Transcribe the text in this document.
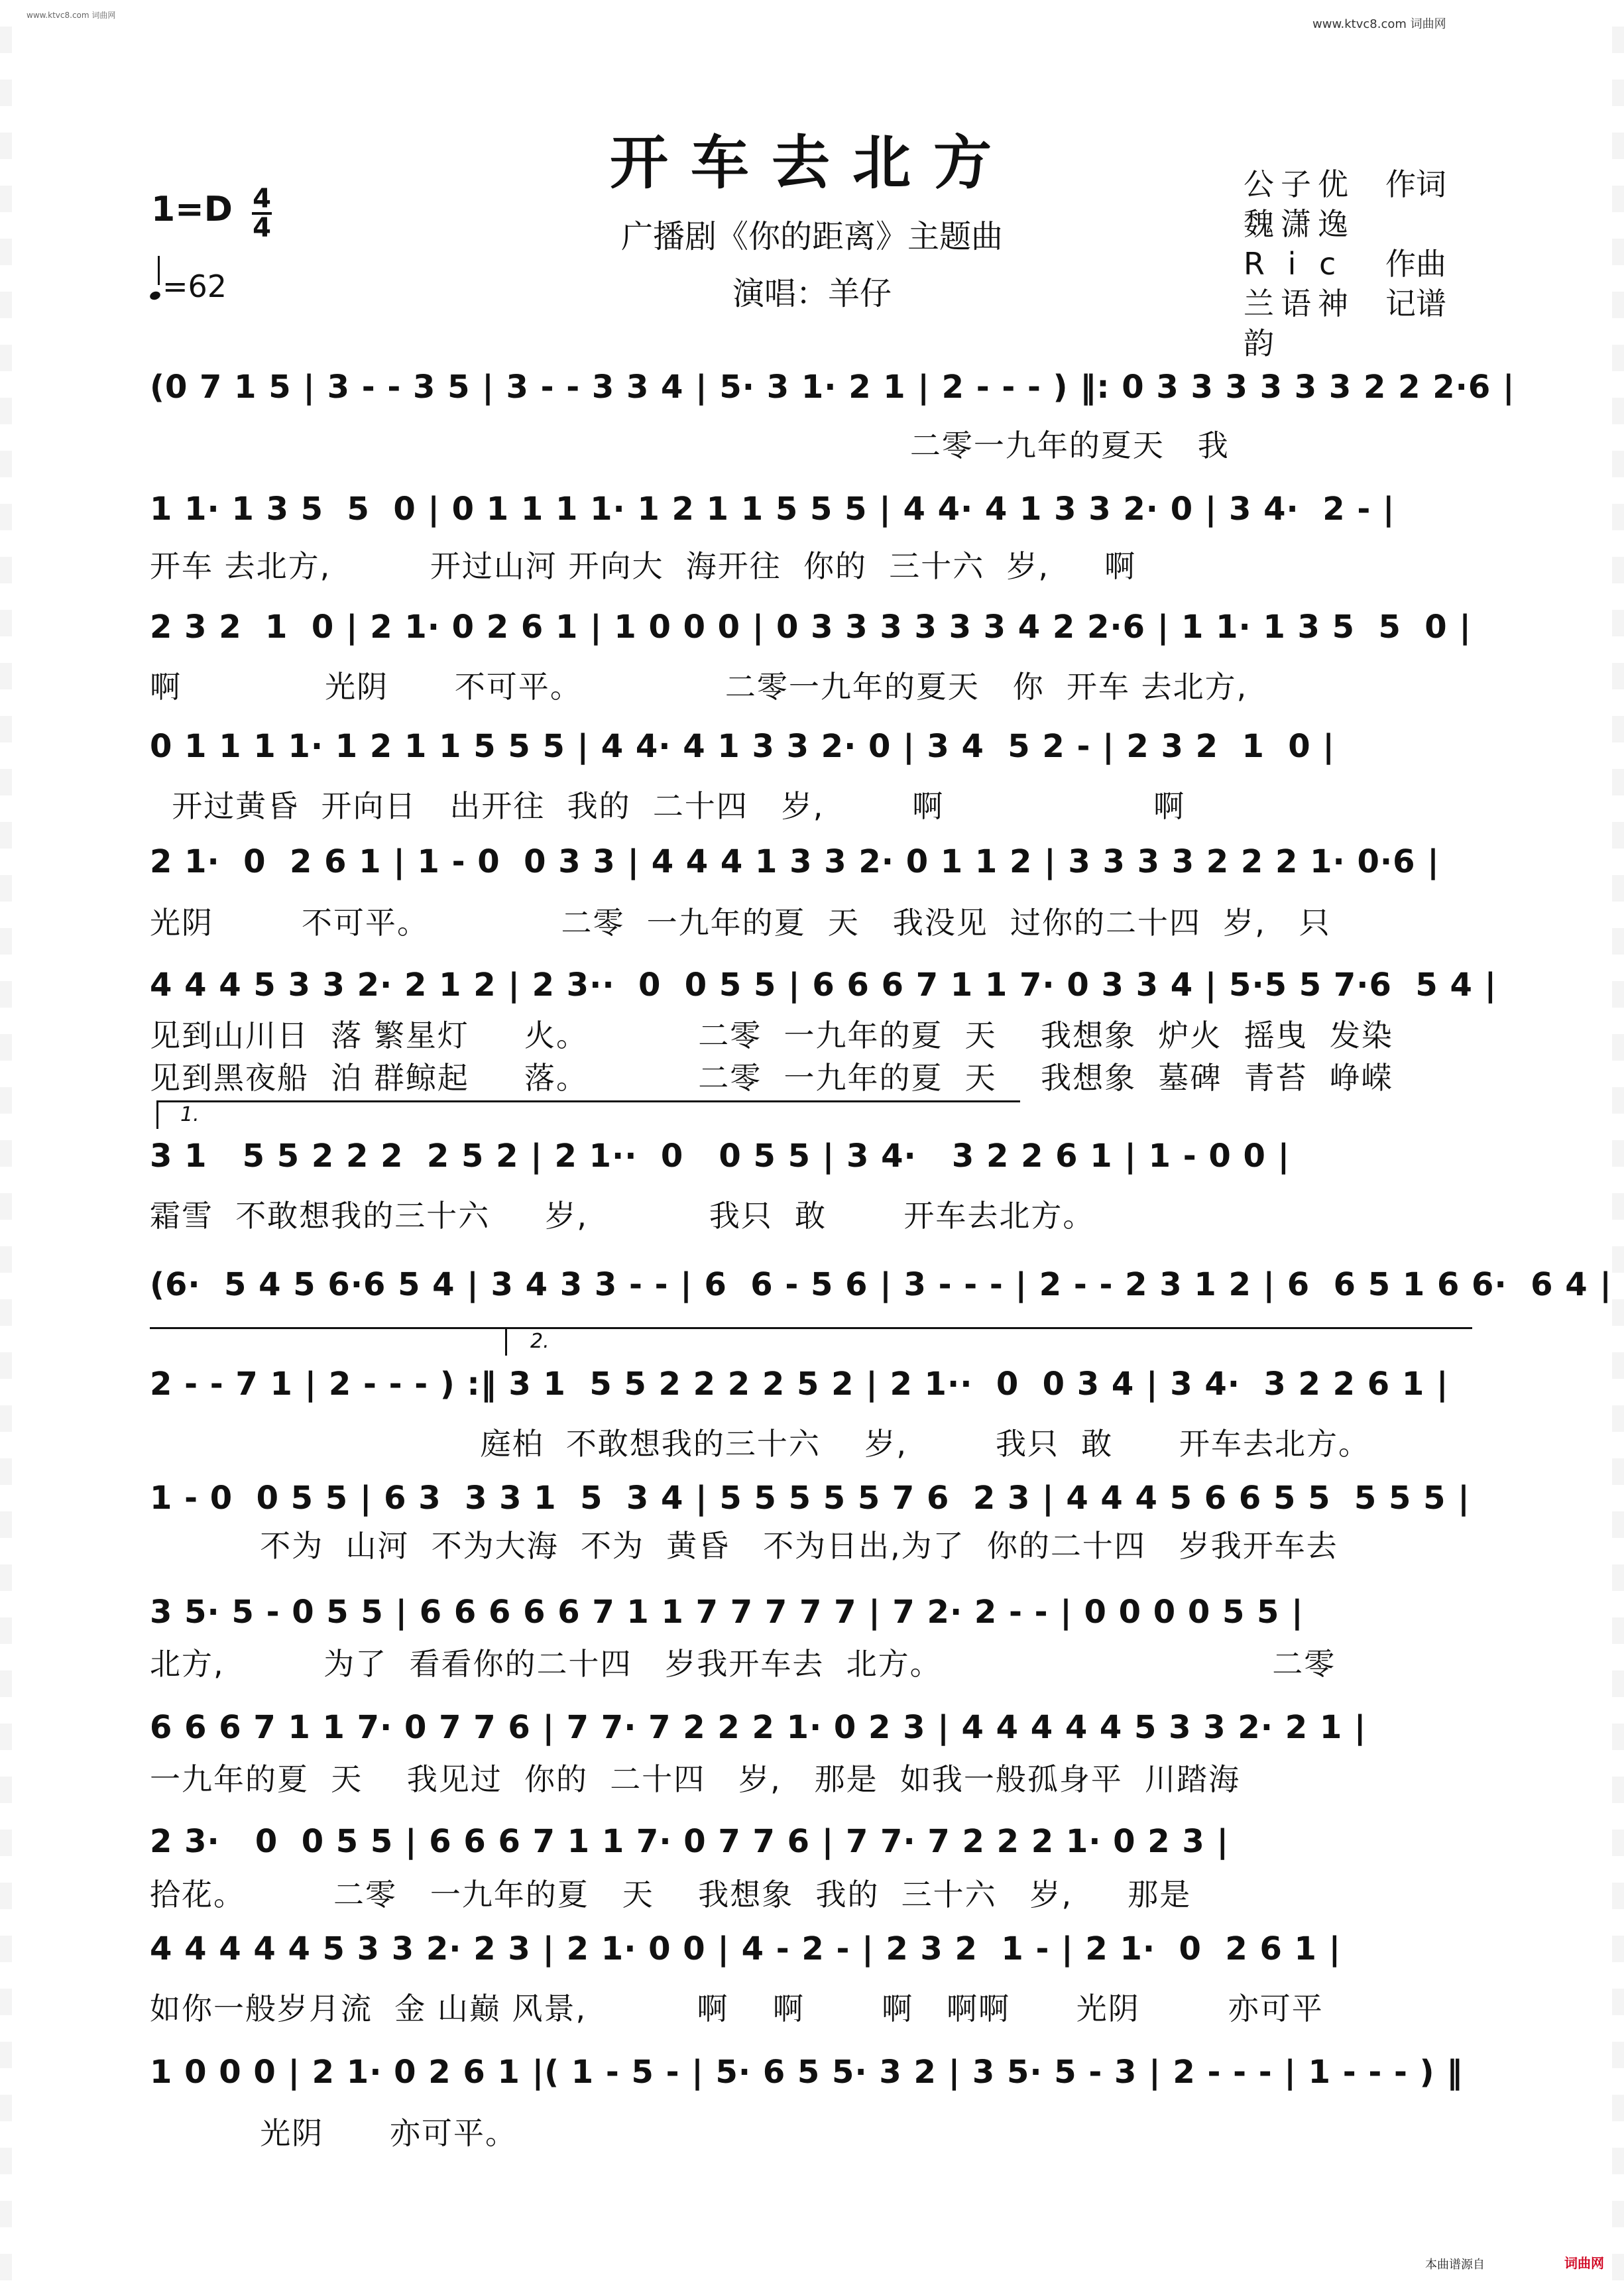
www.ktvc8.com 词曲网
www.ktvc8.com 词曲网
开车去北方
广播剧《你的距离》主题曲
演唱：羊仔
1=D 4
4
=62
公子优	作词
魏潇逸
R i c	作曲
兰语神韵
记谱
(0 7 1 5 | 3 - - 3 5 | 3 - - 3 3 4 | 5· 3 1· 2 1 | 2 - - - ) ‖: 0 3 3 3 3 3 3 2 2 2·6 |
二零一九年的夏天   我
1 1· 1 3 5  5  0 | 0 1 1 1 1· 1 2 1 1 5 5 5 | 4 4· 4 1 3 3 2· 0 | 3 4·  2 - |
开车 去北方,         开过山河 开向大  海开往  你的  三十六  岁,     啊
2 3 2  1  0 | 2 1· 0 2 6 1 | 1 0 0 0 | 0 3 3 3 3 3 3 4 2 2·6 | 1 1· 1 3 5  5  0 |
啊             光阴      不可平。             二零一九年的夏天   你  开车 去北方,
0 1 1 1 1· 1 2 1 1 5 5 5 | 4 4· 4 1 3 3 2· 0 | 3 4  5 2 - | 2 3 2  1  0 |
开过黄昏  开向日   出开往  我的  二十四   岁,        啊                   啊
2 1·  0  2 6 1 | 1 - 0  0 3 3 | 4 4 4 1 3 3 2· 0 1 1 2 | 3 3 3 3 2 2 2 1· 0·6 |
光阴        不可平。            二零  一九年的夏  天   我没见  过你的二十四  岁,   只
4 4 4 5 3 3 2· 2 1 2 | 2 3··  0  0 5 5 | 6 6 6 7 1 1 7· 0 3 3 4 | 5·5 5 7·6  5 4 |
见到山川日  落 繁星灯     火。          二零  一九年的夏  天    我想象  炉火  摇曳  发染
见到黑夜船  泊 群鲸起     落。          二零  一九年的夏  天    我想象  墓碑  青苔  峥嵘
1.
3 1   5 5 2 2 2  2 5 2 | 2 1··  0   0 5 5 | 3 4·   3 2 2 6 1 | 1 - 0 0 |
霜雪  不敢想我的三十六     岁,           我只  敢       开车去北方。
(6·  5 4 5 6·6 5 4 | 3 4 3 3 - - | 6  6 - 5 6 | 3 - - - | 2 - - 2 3 1 2 | 6  6 5 1 6 6·  6 4 |
2.
2 - - 7 1 | 2 - - - ) :‖ 3 1  5 5 2 2 2 2 5 2 | 2 1··  0  0 3 4 | 3 4·  3 2 2 6 1 |
庭柏  不敢想我的三十六    岁,        我只  敢      开车去北方。
1 - 0  0 5 5 | 6 3  3 3 1  5  3 4 | 5 5 5 5 5 7 6  2 3 | 4 4 4 5 6 6 5 5  5 5 5 |
不为  山河  不为大海  不为  黄昏   不为日出,为了  你的二十四   岁我开车去
3 5· 5 - 0 5 5 | 6 6 6 6 6 7 1 1 7 7 7 7 7 | 7 2· 2 - - | 0 0 0 0 5 5 |
北方,         为了  看看你的二十四   岁我开车去  北方。                              二零
6 6 6 7 1 1 7· 0 7 7 6 | 7 7· 7 2 2 2 1· 0 2 3 | 4 4 4 4 4 5 3 3 2· 2 1 |
一九年的夏  天    我见过  你的  二十四   岁,   那是  如我一般孤身平  川踏海
2 3·   0  0 5 5 | 6 6 6 7 1 1 7· 0 7 7 6 | 7 7· 7 2 2 2 1· 0 2 3 |
拾花。        二零   一九年的夏   天    我想象  我的  三十六   岁,     那是
4 4 4 4 4 5 3 3 2· 2 3 | 2 1· 0 0 | 4 - 2 - | 2 3 2  1 - | 2 1·  0  2 6 1 |
如你一般岁月流  金 山巅 风景,          啊    啊       啊   啊啊      光阴        亦可平
1 0 0 0 | 2 1· 0 2 6 1 |( 1 - 5 - | 5· 6 5 5· 3 2 | 3 5· 5 - 3 | 2 - - - | 1 - - - ) ‖
光阴      亦可平。
本曲谱源自	词曲网
